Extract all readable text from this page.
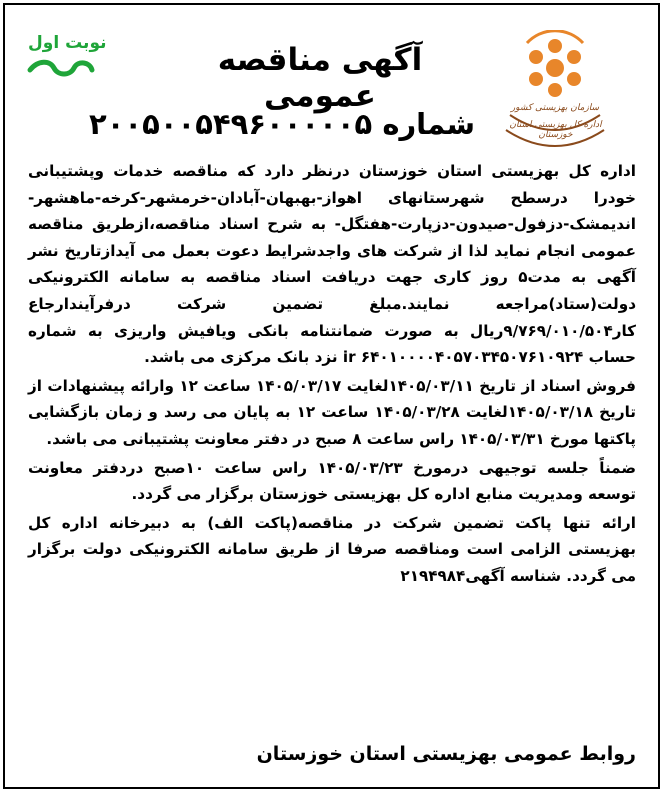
نوبت اول	آگهی مناقصه عمومی
شماره ۲۰۰۵۰۰۵۴۹۶۰۰۰۰۰۵	سازمان بهزیستی کشور
اداره کل بهزیستی استان خوزستان

اداره کل بهزیستی استان خوزستان درنظر دارد که مناقصه خدمات وپشتیبانی خودرا درسطح شهرستانهای اهواز-بهبهان-آبادان-خرمشهر-کرخه-ماهشهر-اندیمشک-دزفول-صیدون-دزپارت-هفتگل- به شرح اسناد مناقصه،ازطریق مناقصه عمومی انجام نماید لذا از شرکت های واجدشرایط دعوت بعمل می آیدازتاریخ نشر آگهی به مدت۵ روز کاری جهت دریافت اسناد مناقصه به سامانه الکترونیکی دولت(ستاد)مراجعه نمایند.مبلغ تضمین شرکت درفرآیندارجاع کار۹/۷۶۹/۰۱۰/۵۰۴ریال به صورت ضمانتنامه بانکی ویافیش واریزی به شماره حساب ir ۶۴۰۱۰۰۰۰۴۰۵۷۰۳۴۵۰۷۶۱۰۹۲۴ نزد بانک مرکزی می باشد.

فروش اسناد از تاریخ ۱۴۰۵/۰۳/۱۱لغایت ۱۴۰۵/۰۳/۱۷ ساعت ۱۲ وارائه پیشنهادات از تاریخ ۱۴۰۵/۰۳/۱۸لغایت ۱۴۰۵/۰۳/۲۸ ساعت ۱۲ به پایان می رسد و زمان بازگشایی پاکتها مورخ ۱۴۰۵/۰۳/۳۱ راس ساعت ۸ صبح در دفتر معاونت پشتیبانی می باشد.

ضمناً جلسه توجیهی درمورخ ۱۴۰۵/۰۳/۲۳ راس ساعت ۱۰صبح دردفتر معاونت توسعه ومدیریت منابع اداره کل بهزیستی خوزستان برگزار می گردد.

ارائه تنها پاکت تضمین شرکت در مناقصه(پاکت الف) به دبیرخانه اداره کل بهزیستی الزامی است ومناقصه صرفا از طریق سامانه الکترونیکی دولت برگزار می گردد. شناسه آگهی۲۱۹۴۹۸۴

روابط عمومی بهزیستی استان خوزستان
